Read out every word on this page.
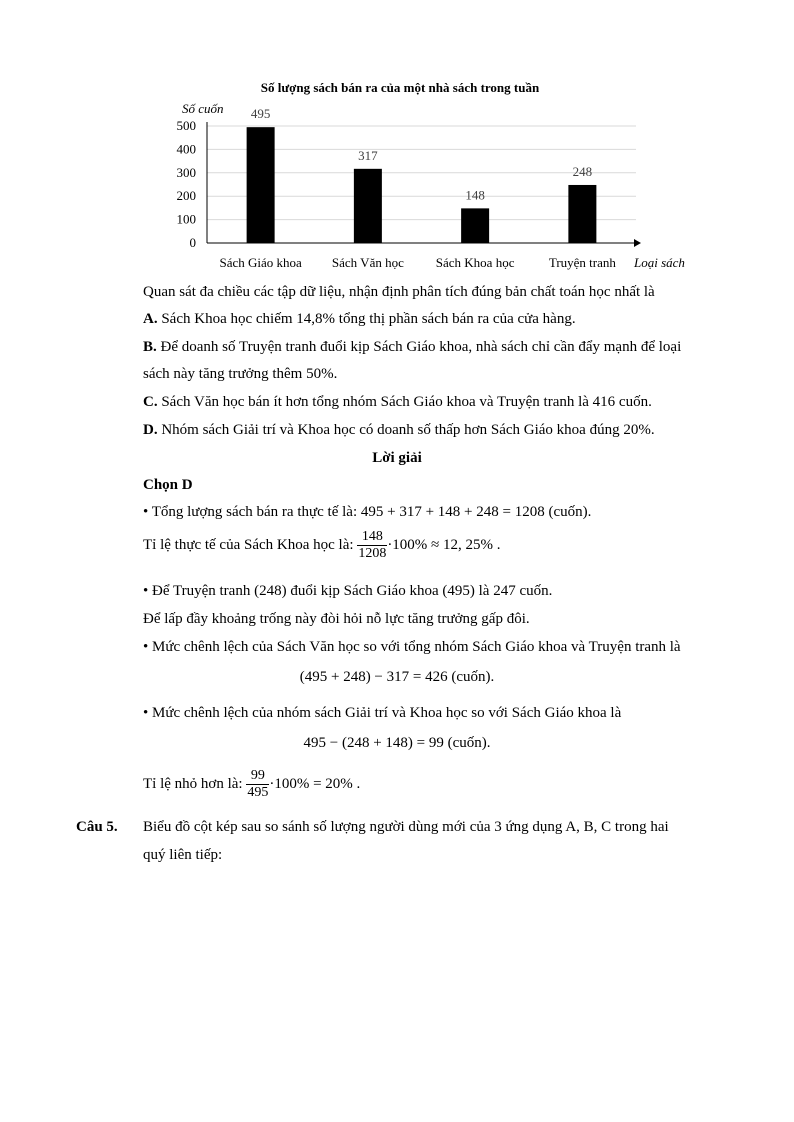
Số lượng sách bán ra của một nhà sách trong tuần
Số cuốn
Loại sách
0
100
200
300
400
500
495
Sách Giáo khoa
317
Sách Văn học
148
Sách Khoa học
248
Truyện tranh
Quan sát đa chiều các tập dữ liệu, nhận định phân tích đúng bản chất toán học nhất là
A. Sách Khoa học chiếm 14,8% tổng thị phần sách bán ra của cửa hàng.
B. Để doanh số Truyện tranh đuổi kịp Sách Giáo khoa, nhà sách chỉ cần đẩy mạnh để loại
sách này tăng trưởng thêm 50%.
C. Sách Văn học bán ít hơn tổng nhóm Sách Giáo khoa và Truyện tranh là 416 cuốn.
D. Nhóm sách Giải trí và Khoa học có doanh số thấp hơn Sách Giáo khoa đúng 20%.
Lời giải
Chọn D
• Tổng lượng sách bán ra thực tế là: 495 + 317 + 148 + 248 = 1208 (cuốn).
Tỉ lệ thực tế của Sách Khoa học là: $\frac{148}{1208} \cdot 100\% \approx 12$, 25% .
• Để Truyện tranh (248) đuổi kịp Sách Giáo khoa (495) là 247 cuốn.
Để lấp đầy khoảng trống này đòi hỏi nỗ lực tăng trưởng gấp đôi.
• Mức chênh lệch của Sách Văn học so với tổng nhóm Sách Giáo khoa và Truyện tranh là
(495 + 248) − 317 = 426 (cuốn).
• Mức chênh lệch của nhóm sách Giải trí và Khoa học so với Sách Giáo khoa là
495 − (248 + 148) = 99 (cuốn).
Tỉ lệ nhỏ hơn là: $\frac{99}{495} \cdot 100\% = 20\%$ .
Câu 5. Biểu đồ cột kép sau so sánh số lượng người dùng mới của 3 ứng dụng A, B, C trong hai
quý liên tiếp:
